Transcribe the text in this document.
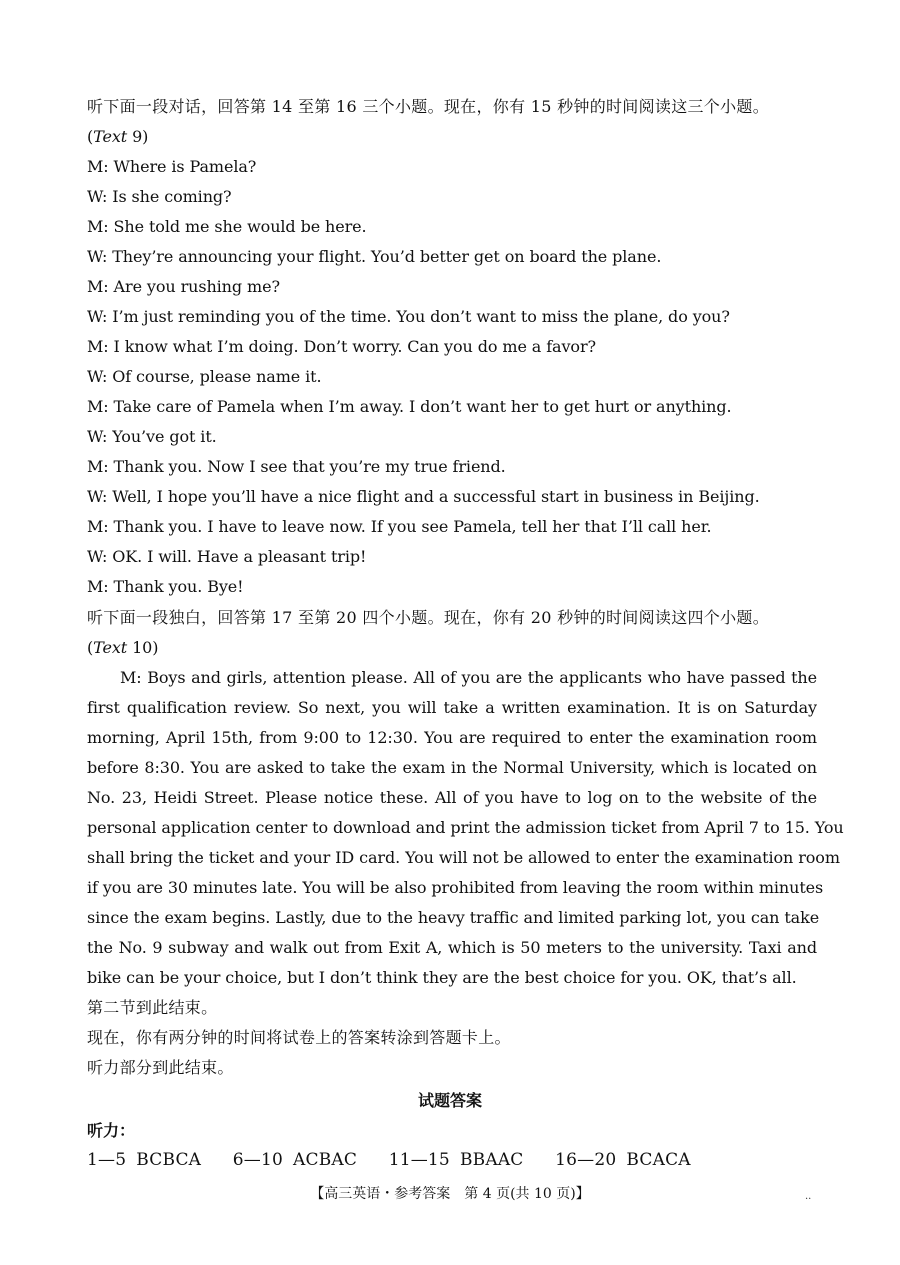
听下面一段对话，回答第 14 至第 16 三个小题。现在，你有 15 秒钟的时间阅读这三个小题。
(Text 9)
M: Where is Pamela?
W: Is she coming?
M: She told me she would be here.
W: They’re announcing your flight. You’d better get on board the plane.
M: Are you rushing me?
W: I’m just reminding you of the time. You don’t want to miss the plane, do you?
M: I know what I’m doing. Don’t worry. Can you do me a favor?
W: Of course, please name it.
M: Take care of Pamela when I’m away. I don’t want her to get hurt or anything.
W: You’ve got it.
M: Thank you. Now I see that you’re my true friend.
W: Well, I hope you’ll have a nice flight and a successful start in business in Beijing.
M: Thank you. I have to leave now. If you see Pamela, tell her that I’ll call her.
W: OK. I will. Have a pleasant trip!
M: Thank you. Bye!
听下面一段独白，回答第 17 至第 20 四个小题。现在，你有 20 秒钟的时间阅读这四个小题。
(Text 10)
M: Boys and girls, attention please. All of you are the applicants who have passed the
first qualification review. So next, you will take a written examination. It is on Saturday
morning, April 15th, from 9:00 to 12:30. You are required to enter the examination room
before 8:30. You are asked to take the exam in the Normal University, which is located on
No. 23, Heidi Street. Please notice these. All of you have to log on to the website of the
personal application center to download and print the admission ticket from April 7 to 15. You
shall bring the ticket and your ID card. You will not be allowed to enter the examination room
if you are 30 minutes late. You will be also prohibited from leaving the room within minutes
since the exam begins. Lastly, due to the heavy traffic and limited parking lot, you can take
the No. 9 subway and walk out from Exit A, which is 50 meters to the university. Taxi and
bike can be your choice, but I don’t think they are the best choice for you. OK, that’s all.
第二节到此结束。
现在，你有两分钟的时间将试卷上的答案转涂到答题卡上。
听力部分到此结束。
试题答案
听力：
1—5 BCBCA 6—10 ACBAC 11—15 BBAAC 16—20 BCACA
【高三英语・参考答案　第 4 页(共 10 页)】	..
